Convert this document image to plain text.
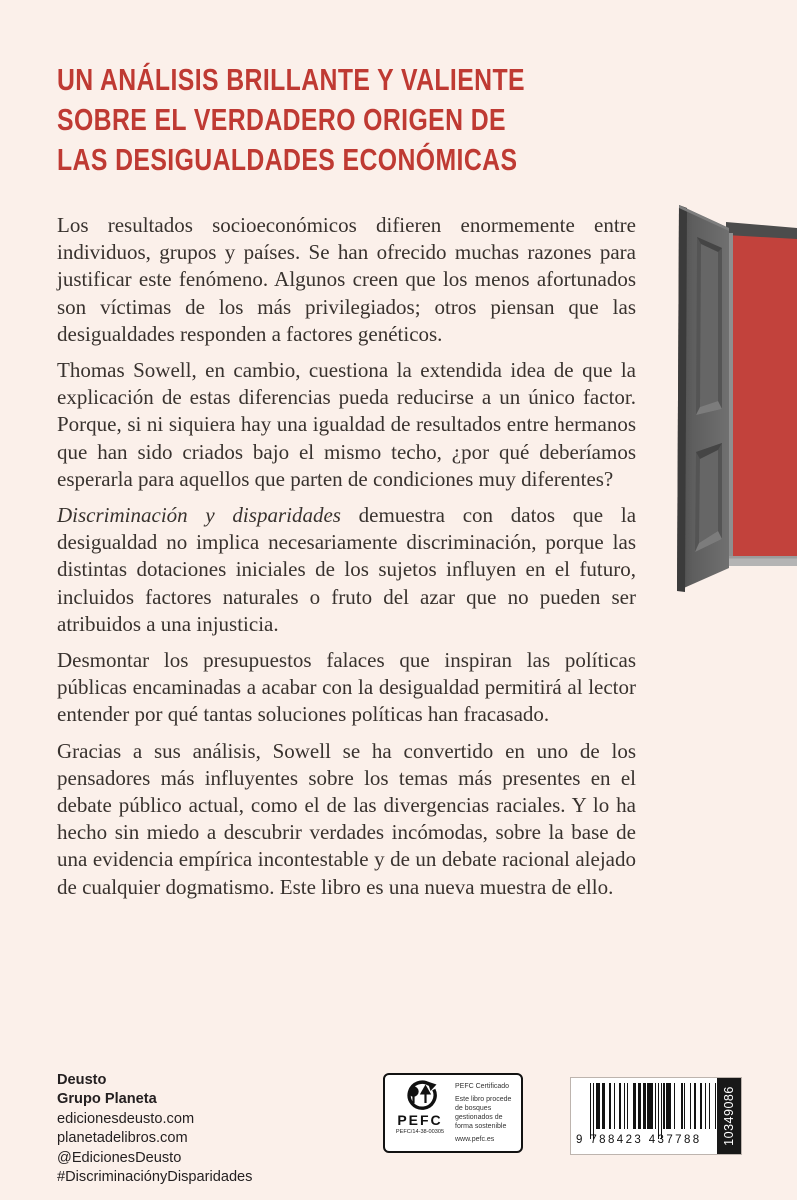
UN ANÁLISIS BRILLANTE Y VALIENTE
SOBRE EL VERDADERO ORIGEN DE
LAS DESIGUALDADES ECONÓMICAS

Los resultados socioeconómicos difieren enormemente entre individuos, grupos y países. Se han ofrecido muchas razones para justificar este fenómeno. Algunos creen que los menos afortunados son víctimas de los más privilegiados; otros piensan que las desigualdades responden a factores genéticos.

Thomas Sowell, en cambio, cuestiona la extendida idea de que la explicación de estas diferencias pueda reducirse a un único factor. Porque, si ni siquiera hay una igualdad de resultados entre hermanos que han sido criados bajo el mismo techo, ¿por qué deberíamos esperarla para aquellos que parten de condiciones muy diferentes?

Discriminación y disparidades demuestra con datos que la desigualdad no implica necesariamente discriminación, porque las distintas dotaciones iniciales de los sujetos influyen en el futuro, incluidos factores naturales o fruto del azar que no pueden ser atribuidos a una injusticia.

Desmontar los presupuestos falaces que inspiran las políticas públicas encaminadas a acabar con la desigualdad permitirá al lector entender por qué tantas soluciones políticas han fracasado.

Gracias a sus análisis, Sowell se ha convertido en uno de los pensadores más influyentes sobre los temas más presentes en el debate público actual, como el de las divergencias raciales. Y lo ha hecho sin miedo a descubrir verdades incómodas, sobre la base de una evidencia empírica incontestable y de un debate racional alejado de cualquier dogmatismo. Este libro es una nueva muestra de ello.

Deusto
Grupo Planeta
edicionesdeusto.com
planetadelibros.com
@EdicionesDeusto
#DiscriminaciónyDisparidades
PEFC
PEFC/14-38-00305
PEFC Certificado
Este libro procede de bosques gestionados de forma sostenible
www.pefc.es	9 788423 437788	10349086
